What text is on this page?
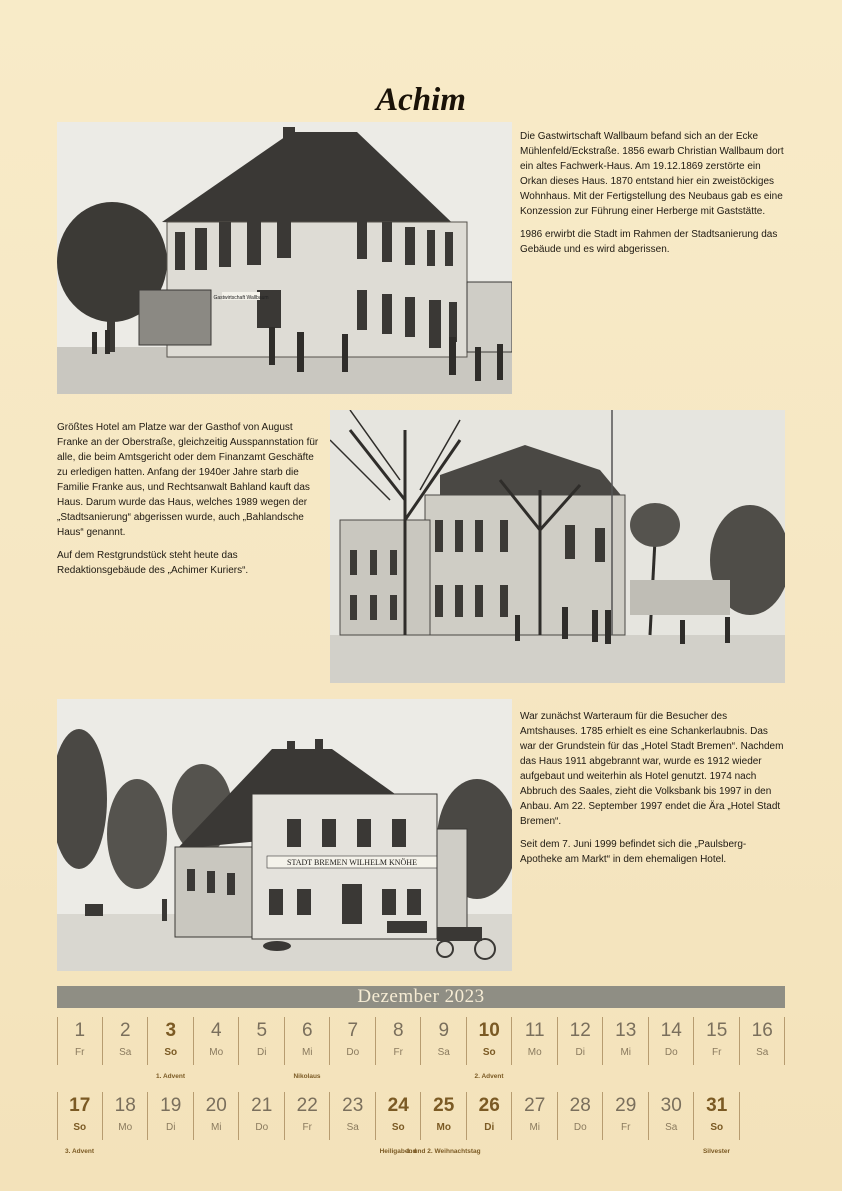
Achim
Gastwirtschaft Wallbaum

Die Gastwirtschaft Wallbaum befand sich an der Ecke Mühlenfeld/Eckstraße. 1856 ewarb Christian Wallbaum dort ein altes Fachwerk-Haus. Am 19.12.1869 zerstörte ein Orkan dieses Haus. 1870 entstand hier ein zweistöckiges Wohnhaus. Mit der Fertigstellung des Neubaus gab es eine Konzession zur Führung einer Herberge mit Gaststätte.

1986 erwirbt die Stadt im Rahmen der Stadtsanierung das Gebäude und es wird abgerissen.

Größtes Hotel am Platze war der Gasthof von August Franke an der Oberstraße, gleichzeitig Ausspannstation für alle, die beim Amtsgericht oder dem Finanzamt Geschäfte zu erledigen hatten. Anfang der 1940er Jahre starb die Familie Franke aus, und Rechtsanwalt Bahland kauft das Haus. Darum wurde das Haus, welches 1989 wegen der „Stadtsanierung“ abgerissen wurde, auch „Bahlandsche Haus“ genannt.

Auf dem Restgrundstück steht heute das Redaktionsgebäude des „Achimer Kuriers“.

STADT BREMEN WILHELM KNÖHE

War zunächst Warteraum für die Besucher des Amtshauses. 1785 erhielt es eine Schankerlaubnis. Das war der Grundstein für das „Hotel Stadt Bremen“. Nachdem das Haus 1911 abgebrannt war, wurde es 1912 wieder aufgebaut und weiterhin als Hotel genutzt. 1974 nach Abbruch des Saales, zieht die Volksbank bis 1997 in den Anbau. Am 22. September 1997 endet die Ära „Hotel Stadt Bremen“.

Seit dem 7. Juni 1999 befindet sich die „Paulsberg-Apotheke am Markt“ in dem ehemaligen Hotel.

Dezember 2023
1
Fr
2
Sa
3
So
1. Advent
4
Mo
5
Di
6
Mi
Nikolaus
7
Do
8
Fr
9
Sa
10
So
2. Advent
11
Mo
12
Di
13
Mi
14
Do
15
Fr
16
Sa
17
So
3. Advent
18
Mo
19
Di
20
Mi
21
Do
22
Fr
23
Sa
24
So
Heiligabend
25
Mo
1. und 2. Weihnachtstag
26
Di
27
Mi
28
Do
29
Fr
30
Sa
31
So
Silvester
